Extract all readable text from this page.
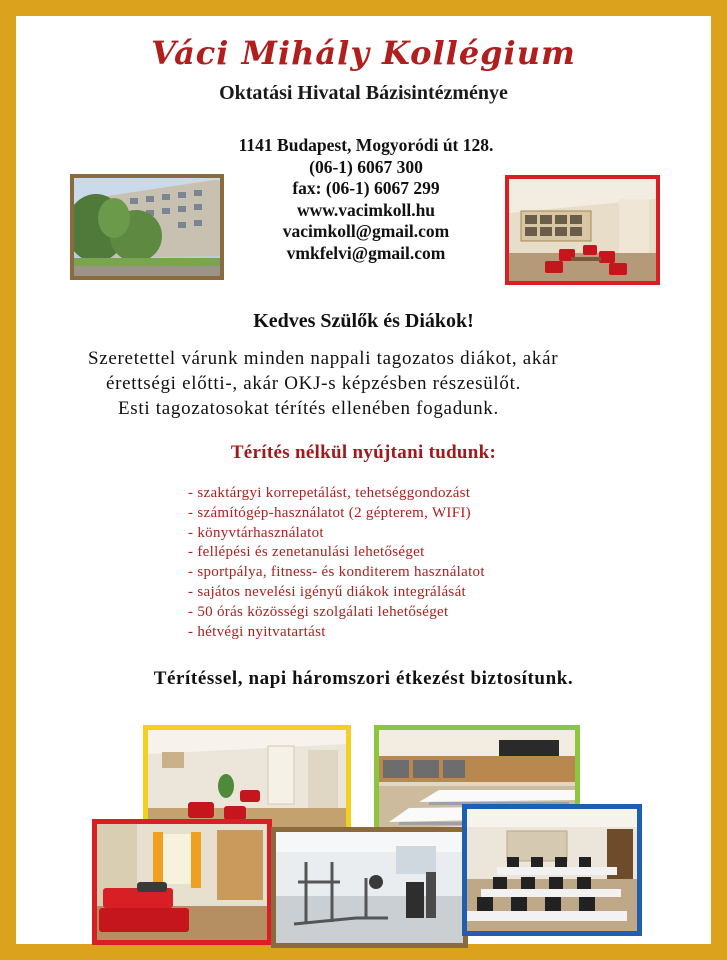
Váci Mihály Kollégium
Oktatási Hivatal Bázisintézménye
1141 Budapest, Mogyoródi út 128.
(06-1) 6067 300
fax: (06-1) 6067 299
www.vacimkoll.hu
vacimkoll@gmail.com
vmkfelvi@gmail.com
Kedves Szülők és Diákok!
Szeretettel várunk minden nappali tagozatos diákot, akár
érettségi előtti-, akár OKJ-s képzésben részesülőt.
Esti tagozatosokat térítés ellenében fogadunk.
Térítés nélkül nyújtani tudunk:
- szaktárgyi korrepetálást, tehetséggondozást
- számítógép-használatot (2 gépterem, WIFI)
- könyvtárhasználatot
- fellépési és zenetanulási lehetőséget
- sportpálya, fitness- és konditerem használatot
- sajátos nevelési igényű diákok integrálását
- 50 órás közösségi szolgálati lehetőséget
- hétvégi nyitvatartást
Térítéssel, napi háromszori étkezést biztosítunk.
